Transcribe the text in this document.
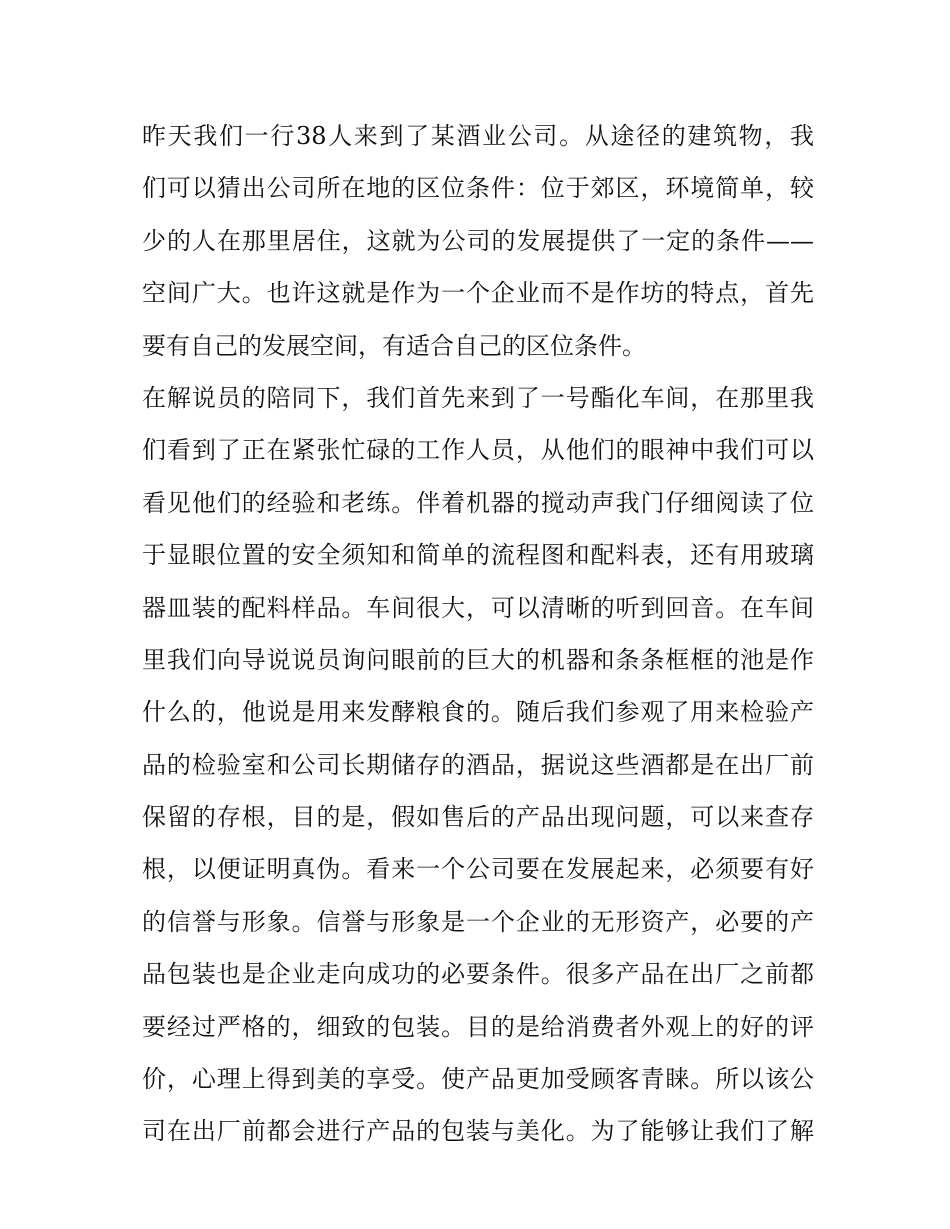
昨天我们一行38人来到了某酒业公司。从途径的建筑物，我
们可以猜出公司所在地的区位条件：位于郊区，环境简单，较
少的人在那里居住，这就为公司的发展提供了一定的条件——
空间广大。也许这就是作为一个企业而不是作坊的特点，首先
要有自己的发展空间，有适合自己的区位条件。
在解说员的陪同下，我们首先来到了一号酯化车间，在那里我
们看到了正在紧张忙碌的工作人员，从他们的眼神中我们可以
看见他们的经验和老练。伴着机器的搅动声我门仔细阅读了位
于显眼位置的安全须知和简单的流程图和配料表，还有用玻璃
器皿装的配料样品。车间很大，可以清晰的听到回音。在车间
里我们向导说说员询问眼前的巨大的机器和条条框框的池是作
什么的，他说是用来发酵粮食的。随后我们参观了用来检验产
品的检验室和公司长期储存的酒品，据说这些酒都是在出厂前
保留的存根，目的是，假如售后的产品出现问题，可以来查存
根，以便证明真伪。看来一个公司要在发展起来，必须要有好
的信誉与形象。信誉与形象是一个企业的无形资产，必要的产
品包装也是企业走向成功的必要条件。很多产品在出厂之前都
要经过严格的，细致的包装。目的是给消费者外观上的好的评
价，心理上得到美的享受。使产品更加受顾客青睐。所以该公
司在出厂前都会进行产品的包装与美化。为了能够让我们了解
